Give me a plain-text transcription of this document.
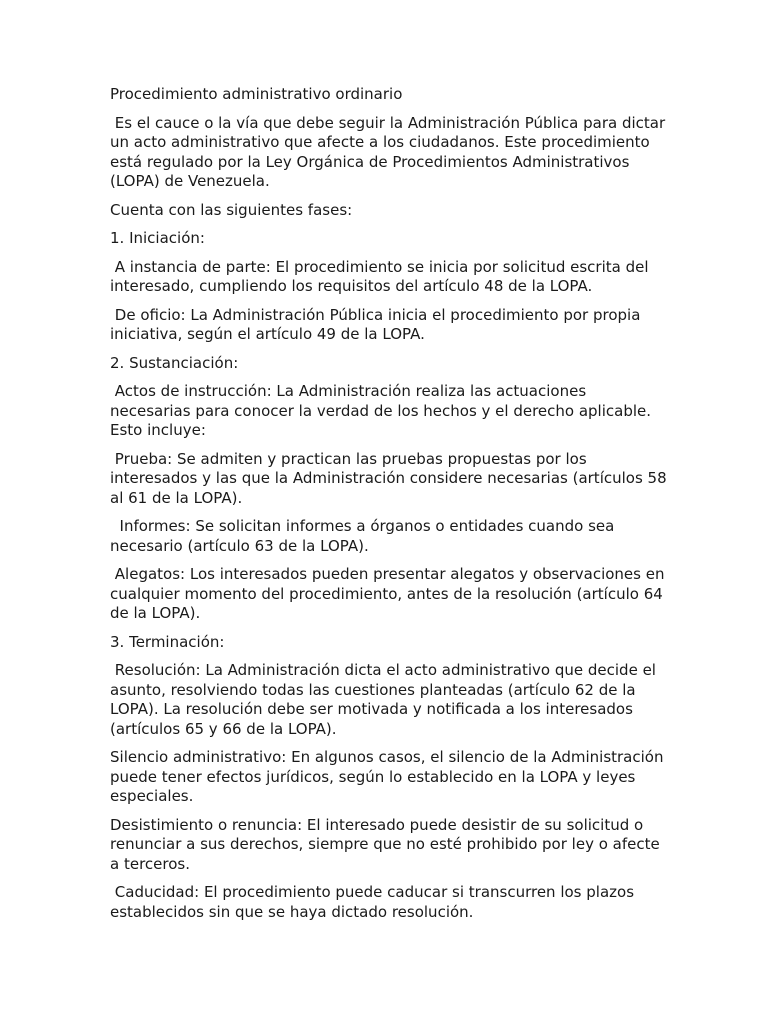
Procedimiento administrativo ordinario

Es el cauce o la vía que debe seguir la Administración Pública para dictar un acto administrativo que afecte a los ciudadanos. Este procedimiento está regulado por la Ley Orgánica de Procedimientos Administrativos (LOPA) de Venezuela.

Cuenta con las siguientes fases:

1. Iniciación:

A instancia de parte: El procedimiento se inicia por solicitud escrita del interesado, cumpliendo los requisitos del artículo 48 de la LOPA.

De oficio: La Administración Pública inicia el procedimiento por propia iniciativa, según el artículo 49 de la LOPA.

2. Sustanciación:

Actos de instrucción: La Administración realiza las actuaciones necesarias para conocer la verdad de los hechos y el derecho aplicable. Esto incluye:

Prueba: Se admiten y practican las pruebas propuestas por los interesados y las que la Administración considere necesarias (artículos 58 al 61 de la LOPA).

Informes: Se solicitan informes a órganos o entidades cuando sea necesario (artículo 63 de la LOPA).

Alegatos: Los interesados pueden presentar alegatos y observaciones en cualquier momento del procedimiento, antes de la resolución (artículo 64 de la LOPA).

3. Terminación:

Resolución: La Administración dicta el acto administrativo que decide el asunto, resolviendo todas las cuestiones planteadas (artículo 62 de la LOPA). La resolución debe ser motivada y notificada a los interesados (artículos 65 y 66 de la LOPA).

Silencio administrativo: En algunos casos, el silencio de la Administración puede tener efectos jurídicos, según lo establecido en la LOPA y leyes especiales.

Desistimiento o renuncia: El interesado puede desistir de su solicitud o renunciar a sus derechos, siempre que no esté prohibido por ley o afecte a terceros.

Caducidad: El procedimiento puede caducar si transcurren los plazos establecidos sin que se haya dictado resolución.
